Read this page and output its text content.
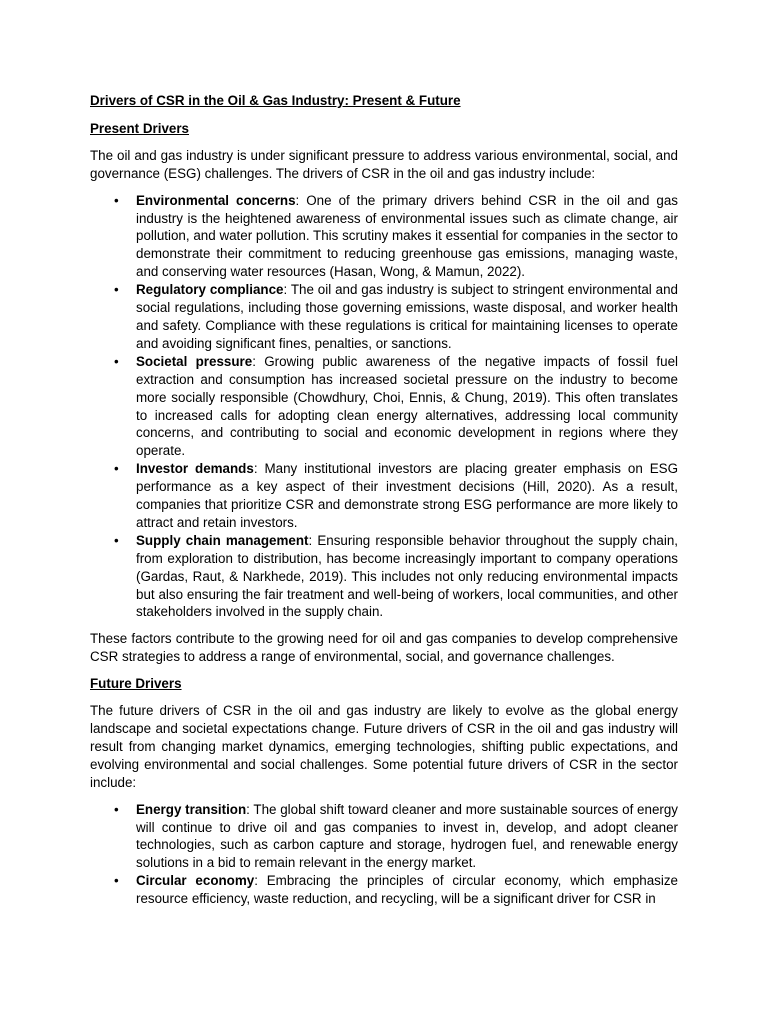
Drivers of CSR in the Oil & Gas Industry: Present & Future
Present Drivers

The oil and gas industry is under significant pressure to address various environmental, social, and governance (ESG) challenges. The drivers of CSR in the oil and gas industry include:

• Environmental concerns: One of the primary drivers behind CSR in the oil and gas industry is the heightened awareness of environmental issues such as climate change, air pollution, and water pollution. This scrutiny makes it essential for companies in the sector to demonstrate their commitment to reducing greenhouse gas emissions, managing waste, and conserving water resources (Hasan, Wong, & Mamun, 2022).
• Regulatory compliance: The oil and gas industry is subject to stringent environmental and social regulations, including those governing emissions, waste disposal, and worker health and safety. Compliance with these regulations is critical for maintaining licenses to operate and avoiding significant fines, penalties, or sanctions.
• Societal pressure: Growing public awareness of the negative impacts of fossil fuel extraction and consumption has increased societal pressure on the industry to become more socially responsible (Chowdhury, Choi, Ennis, & Chung, 2019). This often translates to increased calls for adopting clean energy alternatives, addressing local community concerns, and contributing to social and economic development in regions where they operate.
• Investor demands: Many institutional investors are placing greater emphasis on ESG performance as a key aspect of their investment decisions (Hill, 2020). As a result, companies that prioritize CSR and demonstrate strong ESG performance are more likely to attract and retain investors.
• Supply chain management: Ensuring responsible behavior throughout the supply chain, from exploration to distribution, has become increasingly important to company operations (Gardas, Raut, & Narkhede, 2019). This includes not only reducing environmental impacts but also ensuring the fair treatment and well-being of workers, local communities, and other stakeholders involved in the supply chain.

These factors contribute to the growing need for oil and gas companies to develop comprehensive CSR strategies to address a range of environmental, social, and governance challenges.

Future Drivers

The future drivers of CSR in the oil and gas industry are likely to evolve as the global energy landscape and societal expectations change. Future drivers of CSR in the oil and gas industry will result from changing market dynamics, emerging technologies, shifting public expectations, and evolving environmental and social challenges. Some potential future drivers of CSR in the sector include:

• Energy transition: The global shift toward cleaner and more sustainable sources of energy will continue to drive oil and gas companies to invest in, develop, and adopt cleaner technologies, such as carbon capture and storage, hydrogen fuel, and renewable energy solutions in a bid to remain relevant in the energy market.
• Circular economy: Embracing the principles of circular economy, which emphasize resource efficiency, waste reduction, and recycling, will be a significant driver for CSR in
